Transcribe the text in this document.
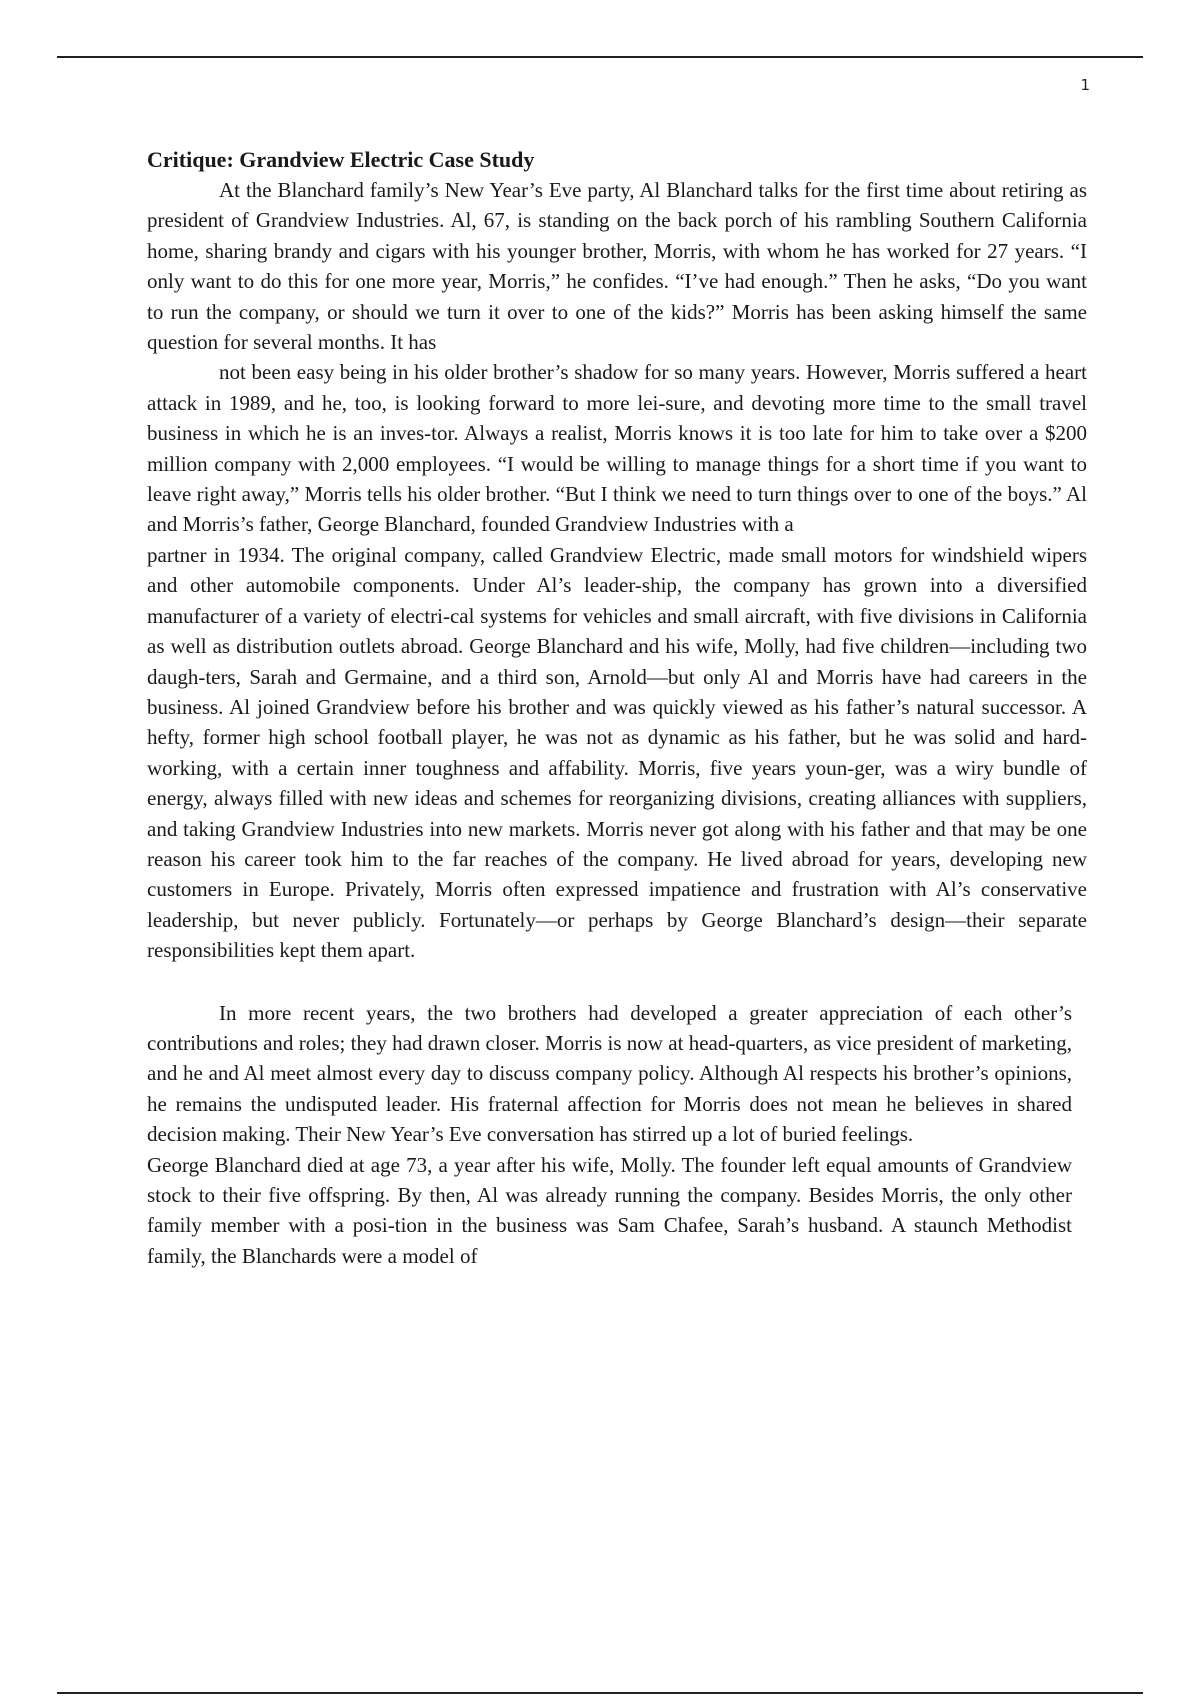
1

Critique: Grandview Electric Case Study

At the Blanchard family’s New Year’s Eve party, Al Blanchard talks for the first time about retiring as president of Grandview Industries. Al, 67, is standing on the back porch of his rambling Southern California home, sharing brandy and cigars with his younger brother, Morris, with whom he has worked for 27 years. “I only want to do this for one more year, Morris,” he confides. “I’ve had enough.” Then he asks, “Do you want to run the company, or should we turn it over to one of the kids?” Morris has been asking himself the same question for several months. It has

not been easy being in his older brother’s shadow for so many years. However, Morris suffered a heart attack in 1989, and he, too, is looking forward to more lei-sure, and devoting more time to the small travel business in which he is an inves-tor. Always a realist, Morris knows it is too late for him to take over a $200 million company with 2,000 employees. “I would be willing to manage things for a short time if you want to leave right away,” Morris tells his older brother. “But I think we need to turn things over to one of the boys.” Al and Morris’s father, George Blanchard, founded Grandview Industries with a

partner in 1934. The original company, called Grandview Electric, made small motors for windshield wipers and other automobile components. Under Al’s leader-ship, the company has grown into a diversified manufacturer of a variety of electri-cal systems for vehicles and small aircraft, with five divisions in California as well as distribution outlets abroad. George Blanchard and his wife, Molly, had five children—including two daugh-ters, Sarah and Germaine, and a third son, Arnold—but only Al and Morris have had careers in the business. Al joined Grandview before his brother and was quickly viewed as his father’s natural successor. A hefty, former high school football player, he was not as dynamic as his father, but he was solid and hard-working, with a certain inner toughness and affability. Morris, five years youn-ger, was a wiry bundle of energy, always filled with new ideas and schemes for reorganizing divisions, creating alliances with suppliers, and taking Grandview Industries into new markets. Morris never got along with his father and that may be one reason his career took him to the far reaches of the company. He lived abroad for years, developing new customers in Europe. Privately, Morris often expressed impatience and frustration with Al’s conservative leadership, but never publicly. Fortunately—or perhaps by George Blanchard’s design—their separate responsibilities kept them apart.

In more recent years, the two brothers had developed a greater appreciation of each other’s contributions and roles; they had drawn closer. Morris is now at head-quarters, as vice president of marketing, and he and Al meet almost every day to discuss company policy. Although Al respects his brother’s opinions, he remains the undisputed leader. His fraternal affection for Morris does not mean he believes in shared decision making. Their New Year’s Eve conversation has stirred up a lot of buried feelings.

George Blanchard died at age 73, a year after his wife, Molly. The founder left equal amounts of Grandview stock to their five offspring. By then, Al was already running the company. Besides Morris, the only other family member with a posi-tion in the business was Sam Chafee, Sarah’s husband. A staunch Methodist family, the Blanchards were a model of
